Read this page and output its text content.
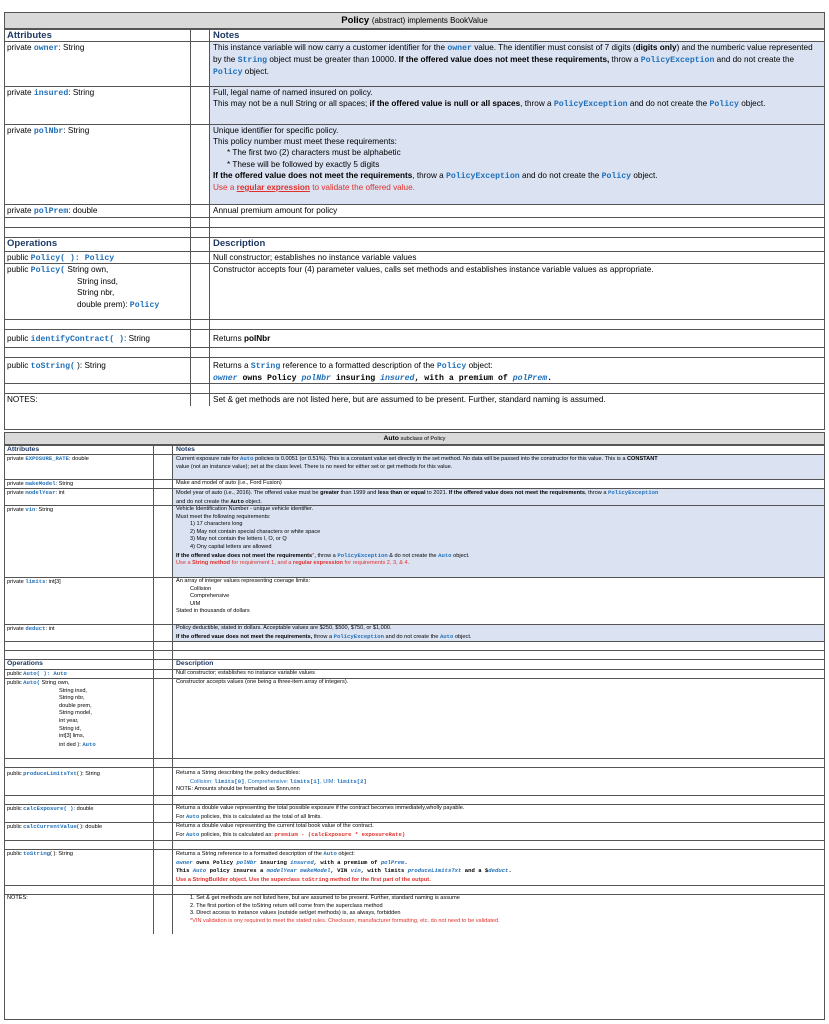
Policy (abstract) implements BookValue
Attributes	Notes
private owner: String	This instance variable will now carry a customer identifier for the owner value. The identifier must consist of 7 digits (digits only) and the numberic value represented by the String object must be greater than 10000. If the offered value does not meet these requirements, throw a PolicyException and do not create the Policy object.
private insured: String	Full, legal name of named insured on policy.
This may not be a null String or all spaces; if the offered value is null or all spaces, throw a PolicyException and do not create the Policy object.
private polNbr: String	Unique identifier for specific policy.
This policy number must meet these requirements:
* The first two (2) characters must be alphabetic
* These will be followed by exactly 5 digits
If the offered value does not meet the requirements, throw a PolicyException and do not create the Policy object.
Use a regular expression to validate the offered value.
private polPrem: double	Annual premium amount for policy
Operations	Description
public Policy( ): Policy	Null constructor; establishes no instance variable values
public Policy( String own,
String insd,
String nbr,
double prem): Policy
Constructor accepts four (4) parameter values, calls set methods and establishes instance variable values as appropriate.
public identifyContract( ): String	Returns polNbr
public toString( ): String	Returns a String reference to a formatted description of the Policy object:
owner owns Policy polNbr insuring insured, with a premium of polPrem.
NOTES:	Set & get methods are not listed here, but are assumed to be present. Further, standard naming is assumed.
Auto subclass of Policy
Attributes	Notes
private EXPOSURE_RATE: double	Current exposure rate for Auto policies is 0.0051 (or 0.51%). This is a constant value set directly in the set method. No data will be passed into the constructor for this value. This is a CONSTANT
value (not an instance value); set at the class level. There is no need for either set or get methods for this value.
private makeModel: String	Make and model of auto (i.e., Ford Fusion)
private modelYear: int	Model year of auto (i.e., 2016). The offered value must be greater than 1999 and less than or equal to 2021. If the offered value does not meet the requirements, throw a PolicyException
and do not create the Auto object.
private vin: String	Vehicle Identification Number - unique vehicle identifier.
Must meet the following requirements:
1) 17 characters long
2) May not contain special characters or white space
3) May not contain the letters I, O, or Q
4) Ony capital letters are allowed
If the offered value does not meet the requirements*, throw a PolicyException & do not create the Auto object.
Use a String method for requirement 1, and a regular expression for requirements 2, 3, & 4.
private limits: int[3]	An array of integer values representing coerage limits:
Collision
Comprehensive
UIM
Stated in thousands of dollars
private deduct: int	Policy deductible, stated in dollars. Acceptable values are $250, $500, $750, or $1,000.
If the offered vaue does not meet the requirements, throw a PolicyException and do not create the Auto object.
Operations	Description
public Auto( ): Auto	Null constructor; establishes no instance variable values
public Auto( String own,
String insd,
String nbr,
double prem,
String model,
int year,
String id,
int[3] lims,
int ded ): Auto
Constructor accepts values (one being a three-item array of integers).
public produceLimitsTxt( ): String	Returns a String describing the policy deductibles:
Collision: limits[0], Comprehensive: limits[1], UIM: limits[2]
NOTE: Amounts should be formatted as $nnn,nnn
public calcExposure( ): double	Returns a double value representing the total possible exposure if the contract becomes immediately,wholly payable.
For Auto policies, this is calculated as the total of all limits.
public calcCurrentValue( ): double	Returns a double value representing the current total book value of the contract.
For Auto policies, this is calculated as: premium - (calcExposure * exposureRate)
public toString( ): String	Returns a String reference to a formatted description of the Auto object:
owner owns Policy polNbr insuring insured, with a premium of polPrem.
This Auto policy insures a modelYear makeModel, VIN vin, with limits produceLimitsTxt and a $deduct.
Use a StringBuilder object. Use the superclass toString method for the first part of the output.
NOTES:	1. Set & get methods are not listed here, but are assumed to be present. Further, standard naming is assume
2. The first portion of the toString return will come from the superclass method
3. Direct access to instance values (outside set/get methods) is, as always, forbidden
*VIN validation is ony required to meet the stated rules. Checksum, manufacturer formatting, etc. do not need to be validated.
